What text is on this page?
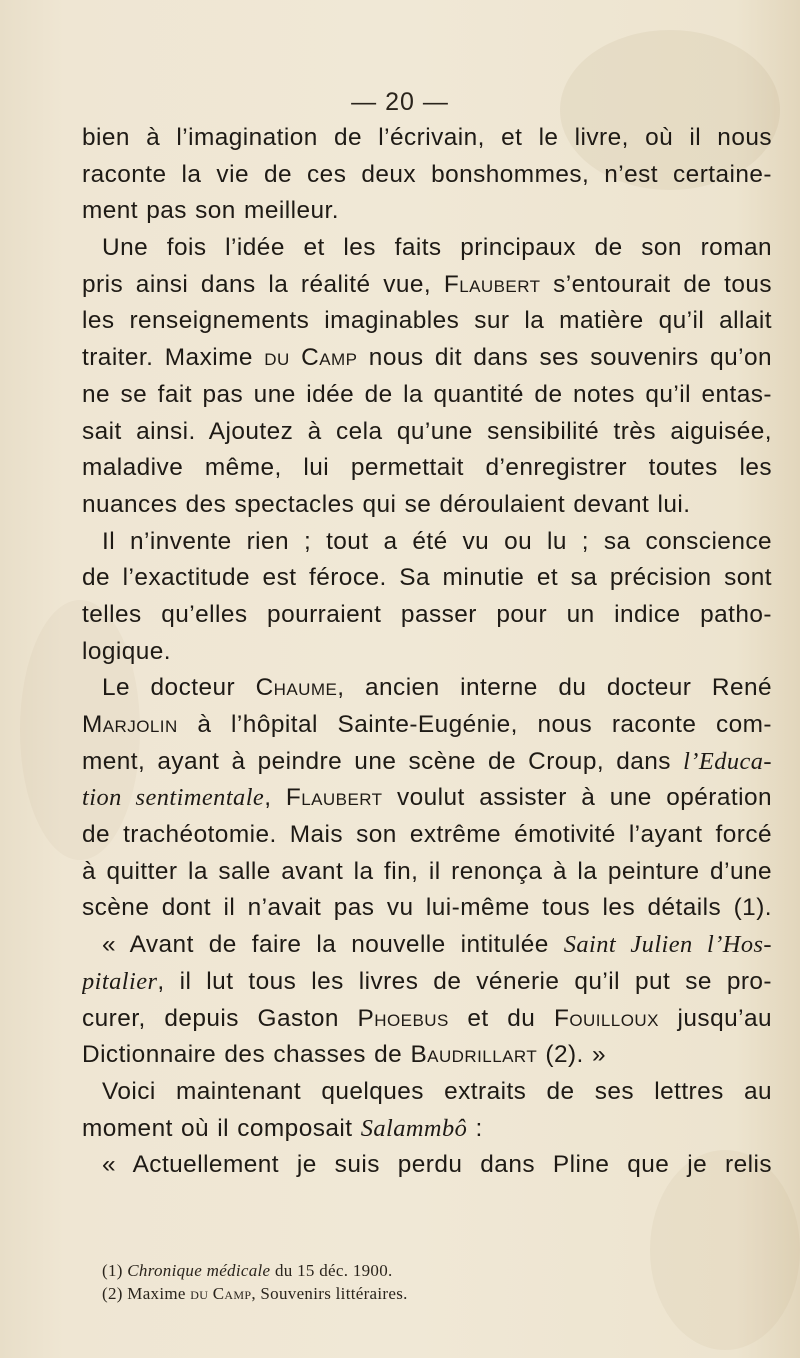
— 20 —
bien à l’imagination de l’écrivain, et le livre, où il nous
raconte la vie de ces deux bonshommes, n’est certaine-
ment pas son meilleur.
Une fois l’idée et les faits principaux de son roman
pris ainsi dans la réalité vue, Flaubert s’entourait de tous
les renseignements imaginables sur la matière qu’il allait
traiter. Maxime du Camp nous dit dans ses souvenirs qu’on
ne se fait pas une idée de la quantité de notes qu’il entas-
sait ainsi. Ajoutez à cela qu’une sensibilité très aiguisée,
maladive même, lui permettait d’enregistrer toutes les
nuances des spectacles qui se déroulaient devant lui.
Il n’invente rien ; tout a été vu ou lu ; sa conscience
de l’exactitude est féroce. Sa minutie et sa précision sont
telles qu’elles pourraient passer pour un indice patho-
logique.
Le docteur Chaume, ancien interne du docteur René
Marjolin à l’hôpital Sainte-Eugénie, nous raconte com-
ment, ayant à peindre une scène de Croup, dans l’Educa-
tion sentimentale, Flaubert voulut assister à une opération
de trachéotomie. Mais son extrême émotivité l’ayant forcé
à quitter la salle avant la fin, il renonça à la peinture d’une
scène dont il n’avait pas vu lui-même tous les détails (1).
« Avant de faire la nouvelle intitulée Saint Julien l’Hos-
pitalier, il lut tous les livres de vénerie qu’il put se pro-
curer, depuis Gaston Phoebus et du Fouilloux jusqu’au
Dictionnaire des chasses de Baudrillart (2). »
Voici maintenant quelques extraits de ses lettres au
moment où il composait Salammbô :
« Actuellement je suis perdu dans Pline que je relis
(1) Chronique médicale du 15 déc. 1900.
(2) Maxime du Camp, Souvenirs littéraires.
